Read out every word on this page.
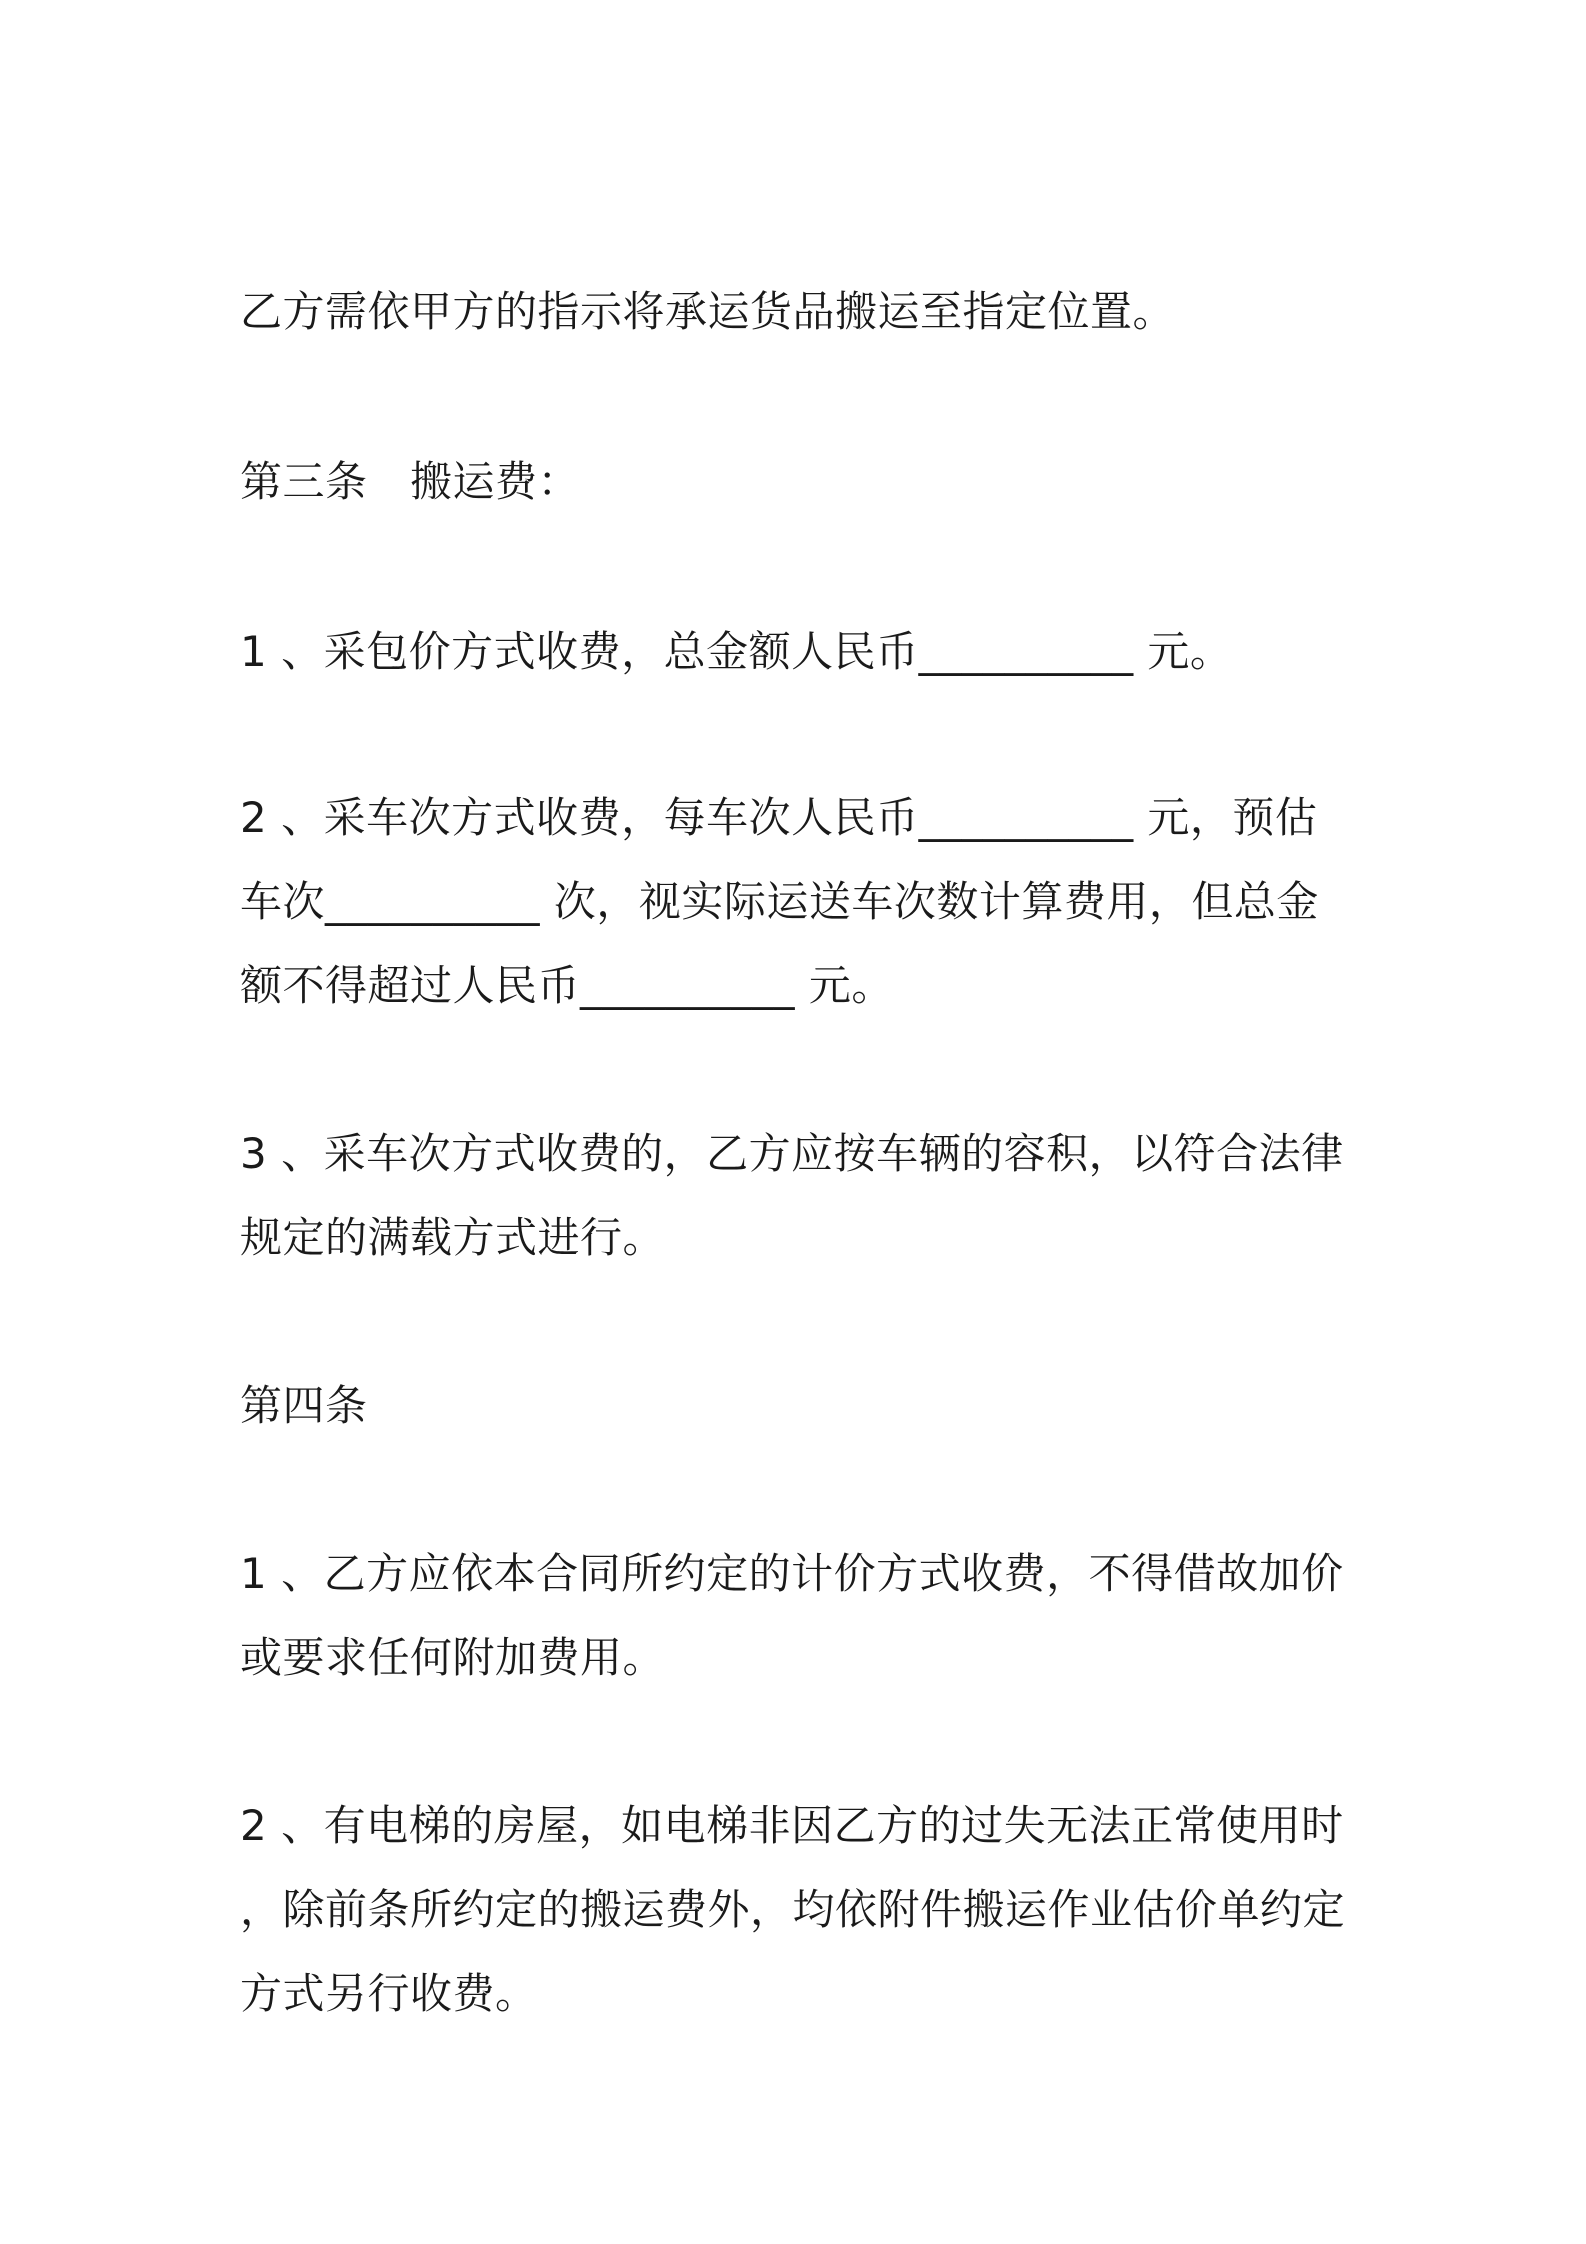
乙方需依甲方的指示将承运货品搬运至指定位置。
第三条　搬运费：
1 、采包价方式收费，总金额人民币__________ 元。
2 、采车次方式收费，每车次人民币__________ 元，预估
车次__________ 次，视实际运送车次数计算费用，但总金
额不得超过人民币__________ 元。
3 、采车次方式收费的，乙方应按车辆的容积，以符合法律
规定的满载方式进行。
第四条
1 、乙方应依本合同所约定的计价方式收费，不得借故加价
或要求任何附加费用。
2 、有电梯的房屋，如电梯非因乙方的过失无法正常使用时
，除前条所约定的搬运费外，均依附件搬运作业估价单约定
方式另行收费。
